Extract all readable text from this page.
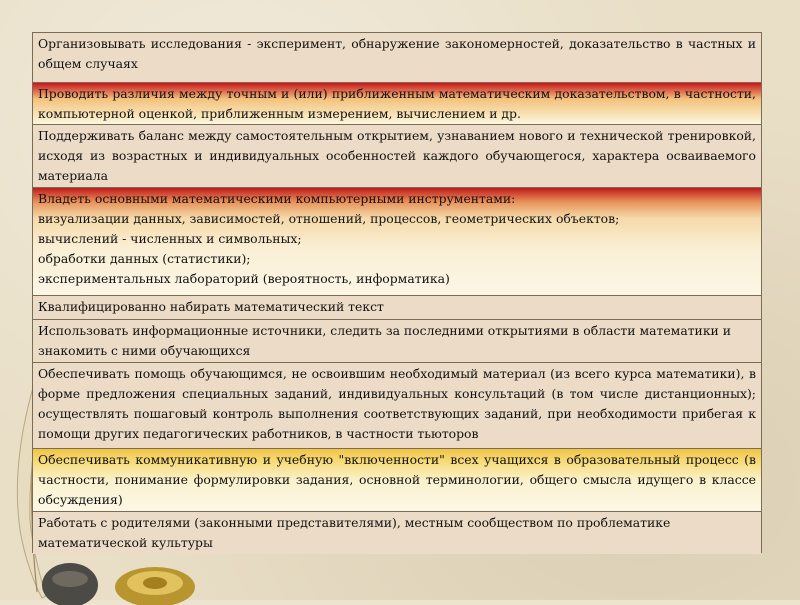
Организовывать исследования - эксперимент, обнаружение закономерностей, доказательство в частных и общем случаях
Проводить различия между точным и (или) приближенным математическим доказательством, в частности, компьютерной оценкой, приближенным измерением, вычислением и др.
Поддерживать баланс между самостоятельным открытием, узнаванием нового и технической тренировкой, исходя из возрастных и индивидуальных особенностей каждого обучающегося, характера осваиваемого материала
Владеть основными математическими компьютерными инструментами:
визуализации данных, зависимостей, отношений, процессов, геометрических объектов;
вычислений - численных и символьных;
обработки данных (статистики);
экспериментальных лабораторий (вероятность, информатика)
Квалифицированно набирать математический текст
Использовать информационные источники, следить за последними открытиями в области математики и знакомить с ними обучающихся
Обеспечивать помощь обучающимся, не освоившим необходимый материал (из всего курса математики), в форме предложения специальных заданий, индивидуальных консультаций (в том числе дистанционных); осуществлять пошаговый контроль выполнения соответствующих заданий, при необходимости прибегая к помощи других педагогических работников, в частности тьюторов
Обеспечивать коммуникативную и учебную "включенности" всех учащихся в образовательный процесс (в частности, понимание формулировки задания, основной терминологии, общего смысла идущего в классе обсуждения)
Работать с родителями (законными представителями), местным сообществом по проблематике математической культуры
